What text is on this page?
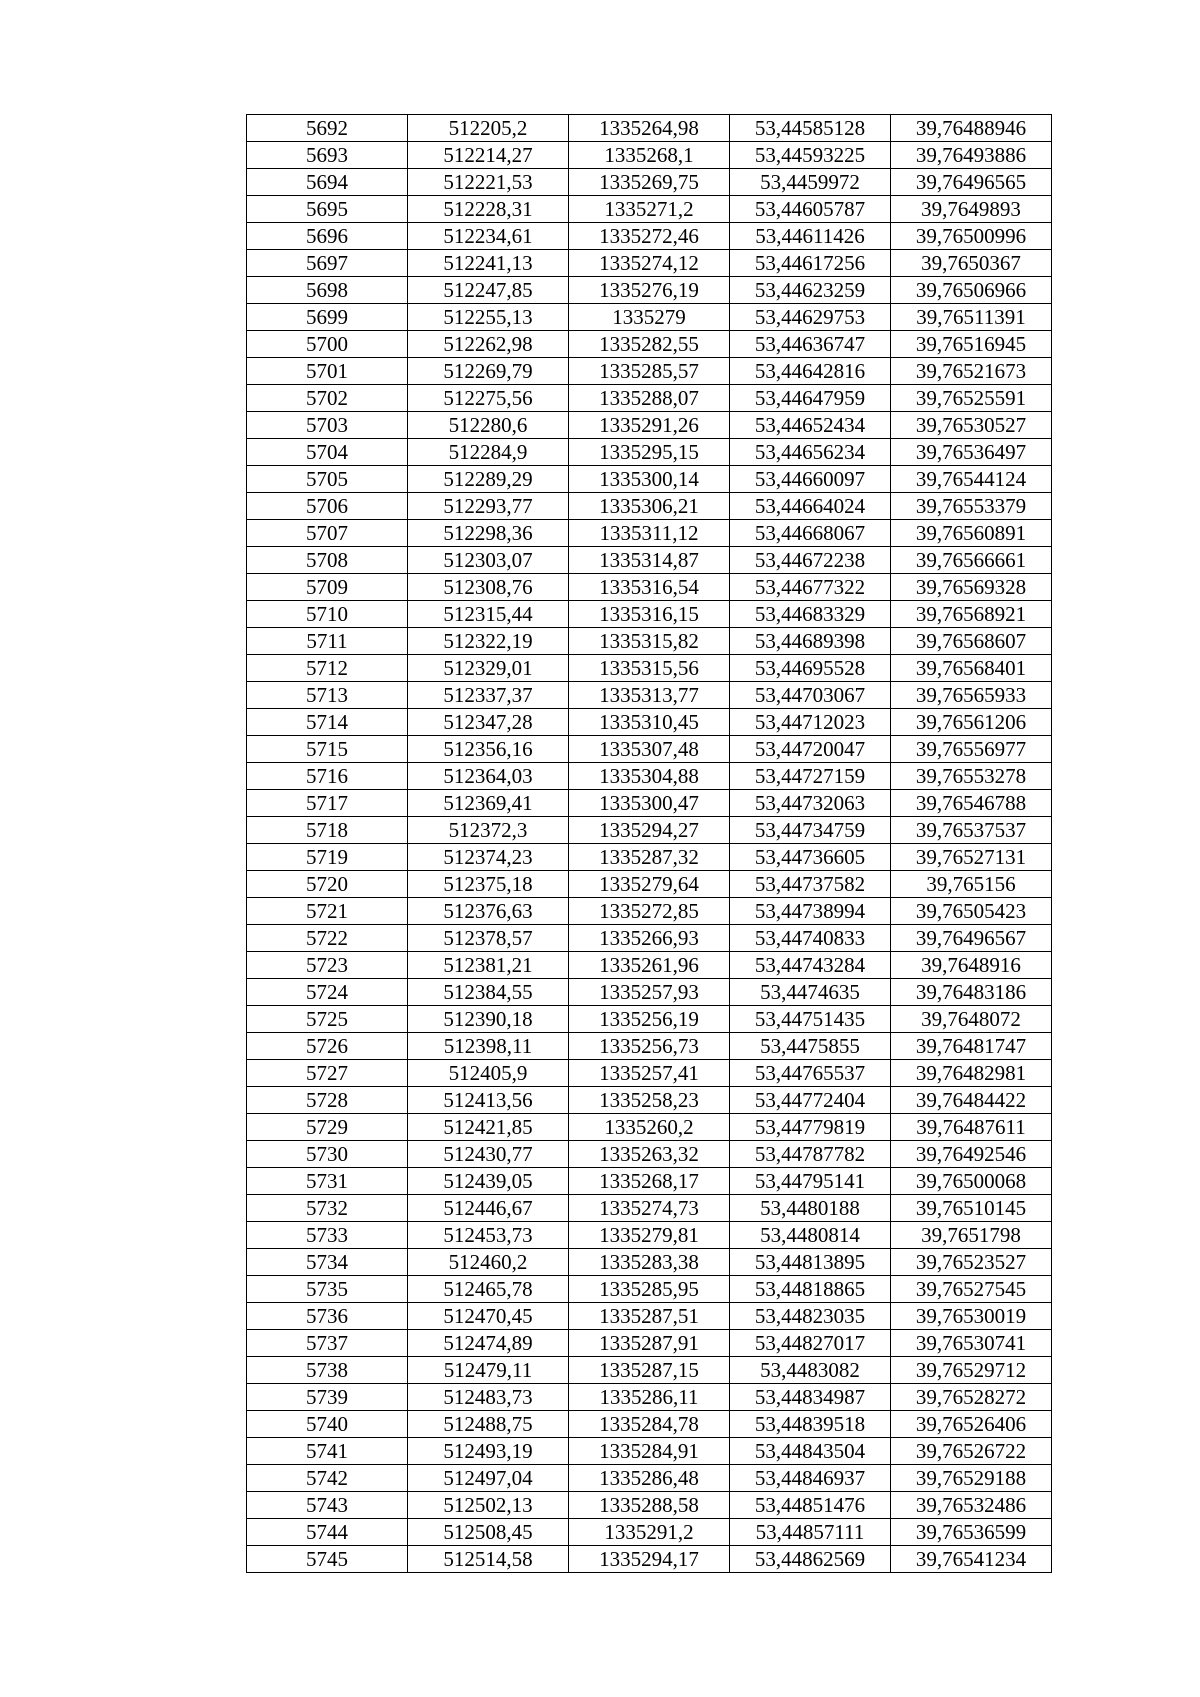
5692	512205,2	1335264,98	53,44585128	39,76488946
5693	512214,27	1335268,1	53,44593225	39,76493886
5694	512221,53	1335269,75	53,4459972	39,76496565
5695	512228,31	1335271,2	53,44605787	39,7649893
5696	512234,61	1335272,46	53,44611426	39,76500996
5697	512241,13	1335274,12	53,44617256	39,7650367
5698	512247,85	1335276,19	53,44623259	39,76506966
5699	512255,13	1335279	53,44629753	39,76511391
5700	512262,98	1335282,55	53,44636747	39,76516945
5701	512269,79	1335285,57	53,44642816	39,76521673
5702	512275,56	1335288,07	53,44647959	39,76525591
5703	512280,6	1335291,26	53,44652434	39,76530527
5704	512284,9	1335295,15	53,44656234	39,76536497
5705	512289,29	1335300,14	53,44660097	39,76544124
5706	512293,77	1335306,21	53,44664024	39,76553379
5707	512298,36	1335311,12	53,44668067	39,76560891
5708	512303,07	1335314,87	53,44672238	39,76566661
5709	512308,76	1335316,54	53,44677322	39,76569328
5710	512315,44	1335316,15	53,44683329	39,76568921
5711	512322,19	1335315,82	53,44689398	39,76568607
5712	512329,01	1335315,56	53,44695528	39,76568401
5713	512337,37	1335313,77	53,44703067	39,76565933
5714	512347,28	1335310,45	53,44712023	39,76561206
5715	512356,16	1335307,48	53,44720047	39,76556977
5716	512364,03	1335304,88	53,44727159	39,76553278
5717	512369,41	1335300,47	53,44732063	39,76546788
5718	512372,3	1335294,27	53,44734759	39,76537537
5719	512374,23	1335287,32	53,44736605	39,76527131
5720	512375,18	1335279,64	53,44737582	39,765156
5721	512376,63	1335272,85	53,44738994	39,76505423
5722	512378,57	1335266,93	53,44740833	39,76496567
5723	512381,21	1335261,96	53,44743284	39,7648916
5724	512384,55	1335257,93	53,4474635	39,76483186
5725	512390,18	1335256,19	53,44751435	39,7648072
5726	512398,11	1335256,73	53,4475855	39,76481747
5727	512405,9	1335257,41	53,44765537	39,76482981
5728	512413,56	1335258,23	53,44772404	39,76484422
5729	512421,85	1335260,2	53,44779819	39,76487611
5730	512430,77	1335263,32	53,44787782	39,76492546
5731	512439,05	1335268,17	53,44795141	39,76500068
5732	512446,67	1335274,73	53,4480188	39,76510145
5733	512453,73	1335279,81	53,4480814	39,7651798
5734	512460,2	1335283,38	53,44813895	39,76523527
5735	512465,78	1335285,95	53,44818865	39,76527545
5736	512470,45	1335287,51	53,44823035	39,76530019
5737	512474,89	1335287,91	53,44827017	39,76530741
5738	512479,11	1335287,15	53,4483082	39,76529712
5739	512483,73	1335286,11	53,44834987	39,76528272
5740	512488,75	1335284,78	53,44839518	39,76526406
5741	512493,19	1335284,91	53,44843504	39,76526722
5742	512497,04	1335286,48	53,44846937	39,76529188
5743	512502,13	1335288,58	53,44851476	39,76532486
5744	512508,45	1335291,2	53,44857111	39,76536599
5745	512514,58	1335294,17	53,44862569	39,76541234
